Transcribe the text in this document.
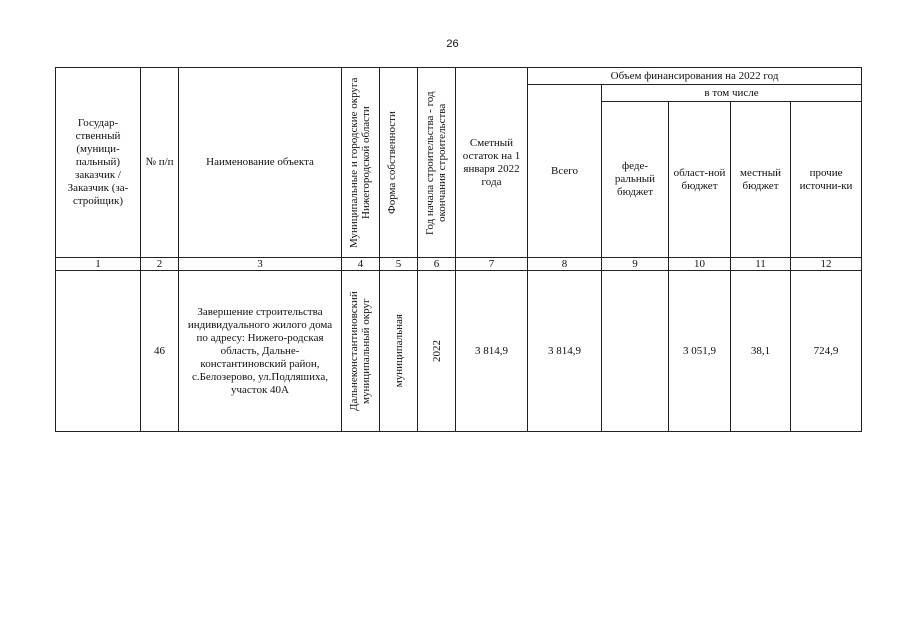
26
Государ-ственный (муници-пальный) заказчик / Заказчик (за-стройщик)	№ п/п	Наименование объекта	Муниципальные и городские округа Нижегородской области	Форма собственности	Год начала строительства - год окончания строительства	Сметный остаток на 1 января 2022 года	Объем финансирования на 2022 год				
							Всего	в том числе			
								феде-ральный бюджет	област-ной бюджет	местный бюджет	прочие источни-ки
1	2	3	4	5	6	7	8	9	10	11	12
	46	Завершение строительства индивидуального жилого дома по адресу: Нижего-родская область, Дальне-константиновский район, с.Белозерово, ул.Подляшиха, участок 40А	Дальнеконстантиновский муниципальный округ	муниципальная	2022	3 814,9	3 814,9		3 051,9	38,1	724,9
